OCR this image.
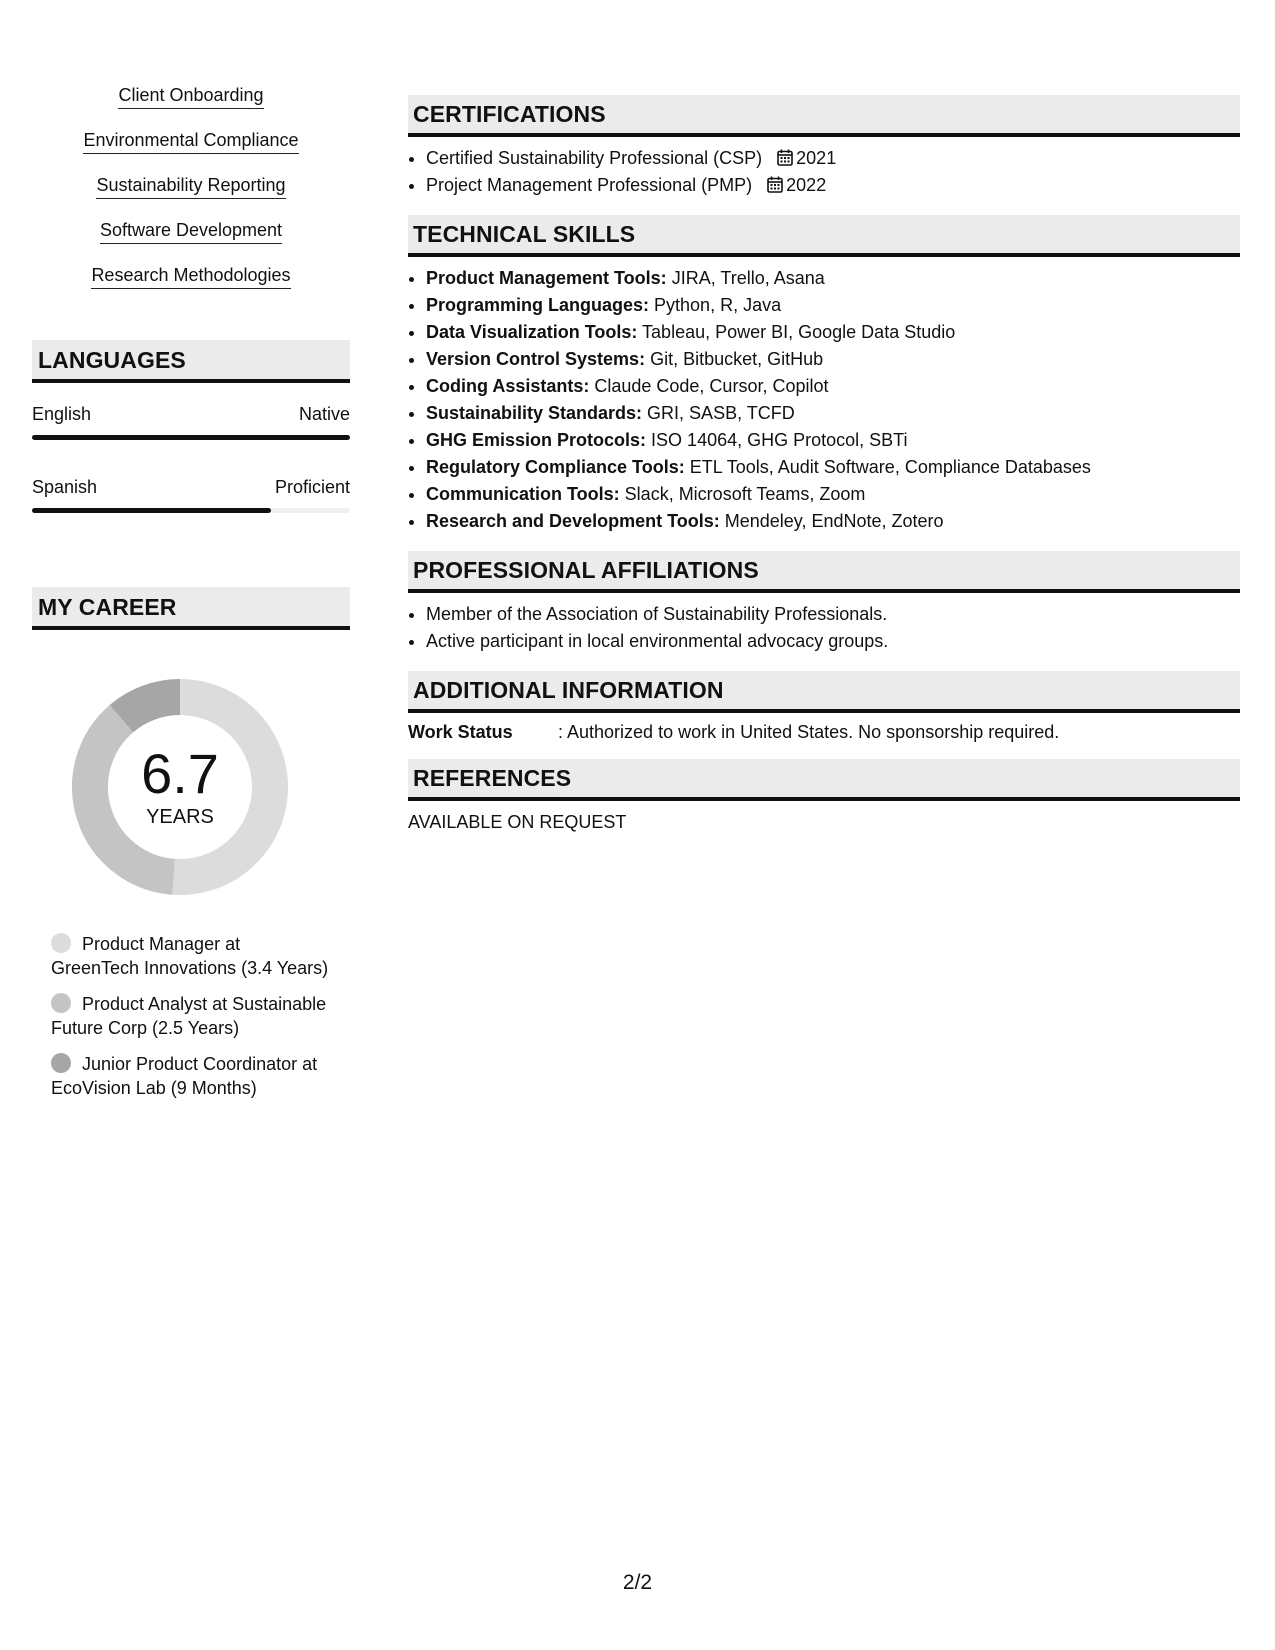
Client Onboarding
Environmental Compliance
Sustainability Reporting
Software Development
Research Methodologies
LANGUAGES
English	Native
Spanish	Proficient
MY CAREER
6.7
YEARS
Product Manager at GreenTech Innovations (3.4 Years)
Product Analyst at Sustainable Future Corp (2.5 Years)
Junior Product Coordinator at EcoVision Lab (9 Months)
CERTIFICATIONS
• Certified Sustainability Professional (CSP) 2021
• Project Management Professional (PMP) 2022
TECHNICAL SKILLS
• Product Management Tools: JIRA, Trello, Asana
• Programming Languages: Python, R, Java
• Data Visualization Tools: Tableau, Power BI, Google Data Studio
• Version Control Systems: Git, Bitbucket, GitHub
• Coding Assistants: Claude Code, Cursor, Copilot
• Sustainability Standards: GRI, SASB, TCFD
• GHG Emission Protocols: ISO 14064, GHG Protocol, SBTi
• Regulatory Compliance Tools: ETL Tools, Audit Software, Compliance Databases
• Communication Tools: Slack, Microsoft Teams, Zoom
• Research and Development Tools: Mendeley, EndNote, Zotero
PROFESSIONAL AFFILIATIONS
• Member of the Association of Sustainability Professionals.
• Active participant in local environmental advocacy groups.
ADDITIONAL INFORMATION
Work Status	: Authorized to work in United States. No sponsorship required.
REFERENCES
AVAILABLE ON REQUEST
2/2
